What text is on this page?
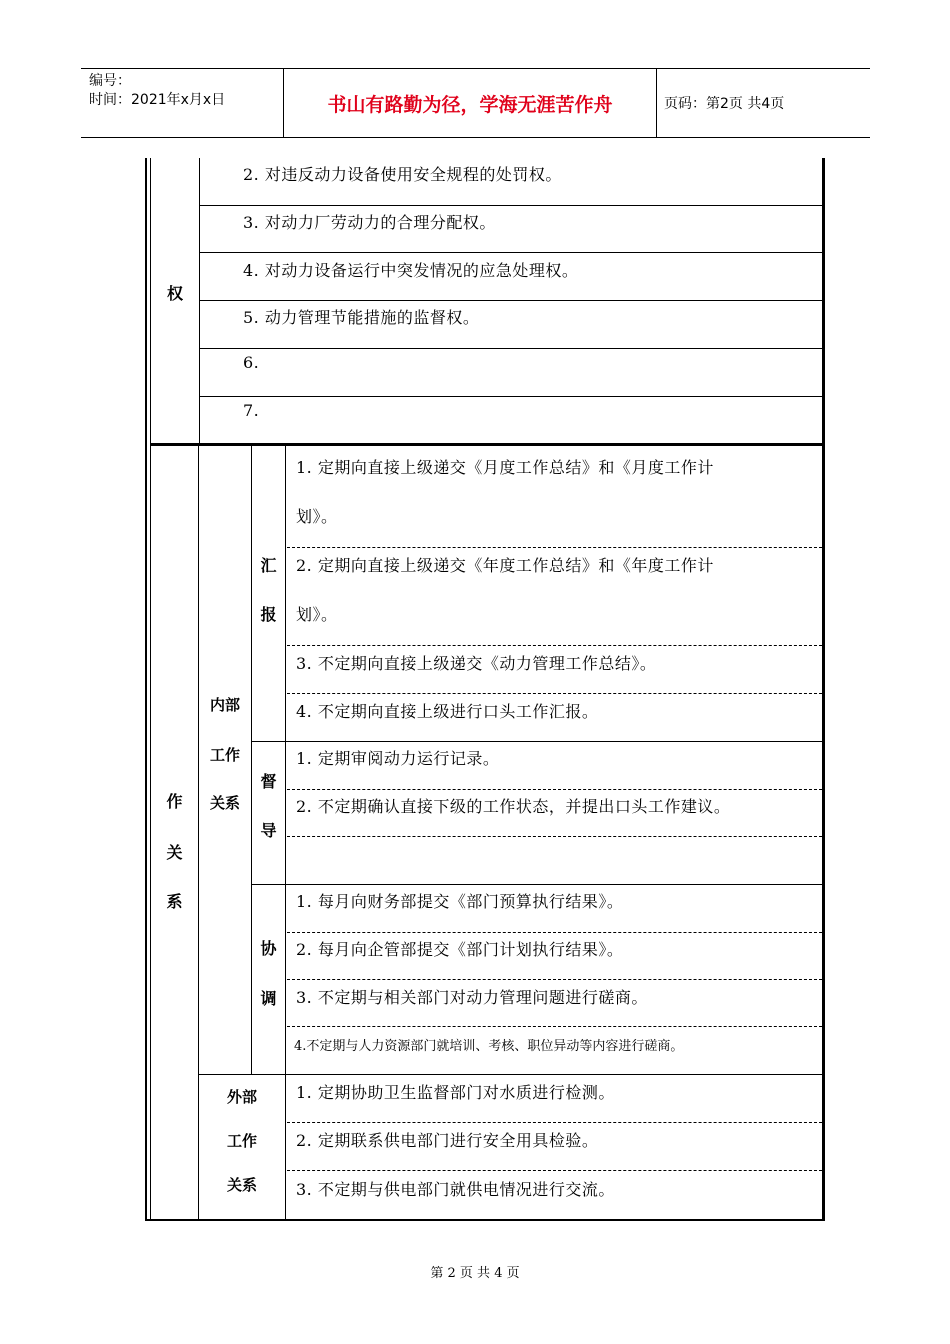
编号：
时间：2021年x月x日	书山有路勤为径，学海无涯苦作舟	页码：第2页 共4页
权
2. 对违反动力设备使用安全规程的处罚权。
3. 对动力厂劳动力的合理分配权。
4. 对动力设备运行中突发情况的应急处理权。
5. 动力管理节能措施的监督权。
6.
7.
作
关
系
内部
工作
关系
汇
报
1. 定期向直接上级递交《月度工作总结》和《月度工作计
划》。
2. 定期向直接上级递交《年度工作总结》和《年度工作计
划》。
3. 不定期向直接上级递交《动力管理工作总结》。
4. 不定期向直接上级进行口头工作汇报。
督
导
1. 定期审阅动力运行记录。
2. 不定期确认直接下级的工作状态，并提出口头工作建议。
协
调
1. 每月向财务部提交《部门预算执行结果》。
2. 每月向企管部提交《部门计划执行结果》。
3. 不定期与相关部门对动力管理问题进行磋商。
4.不定期与人力资源部门就培训、考核、职位异动等内容进行磋商。
外部
工作
关系
1. 定期协助卫生监督部门对水质进行检测。
2. 定期联系供电部门进行安全用具检验。
3. 不定期与供电部门就供电情况进行交流。
第 2 页 共 4 页
